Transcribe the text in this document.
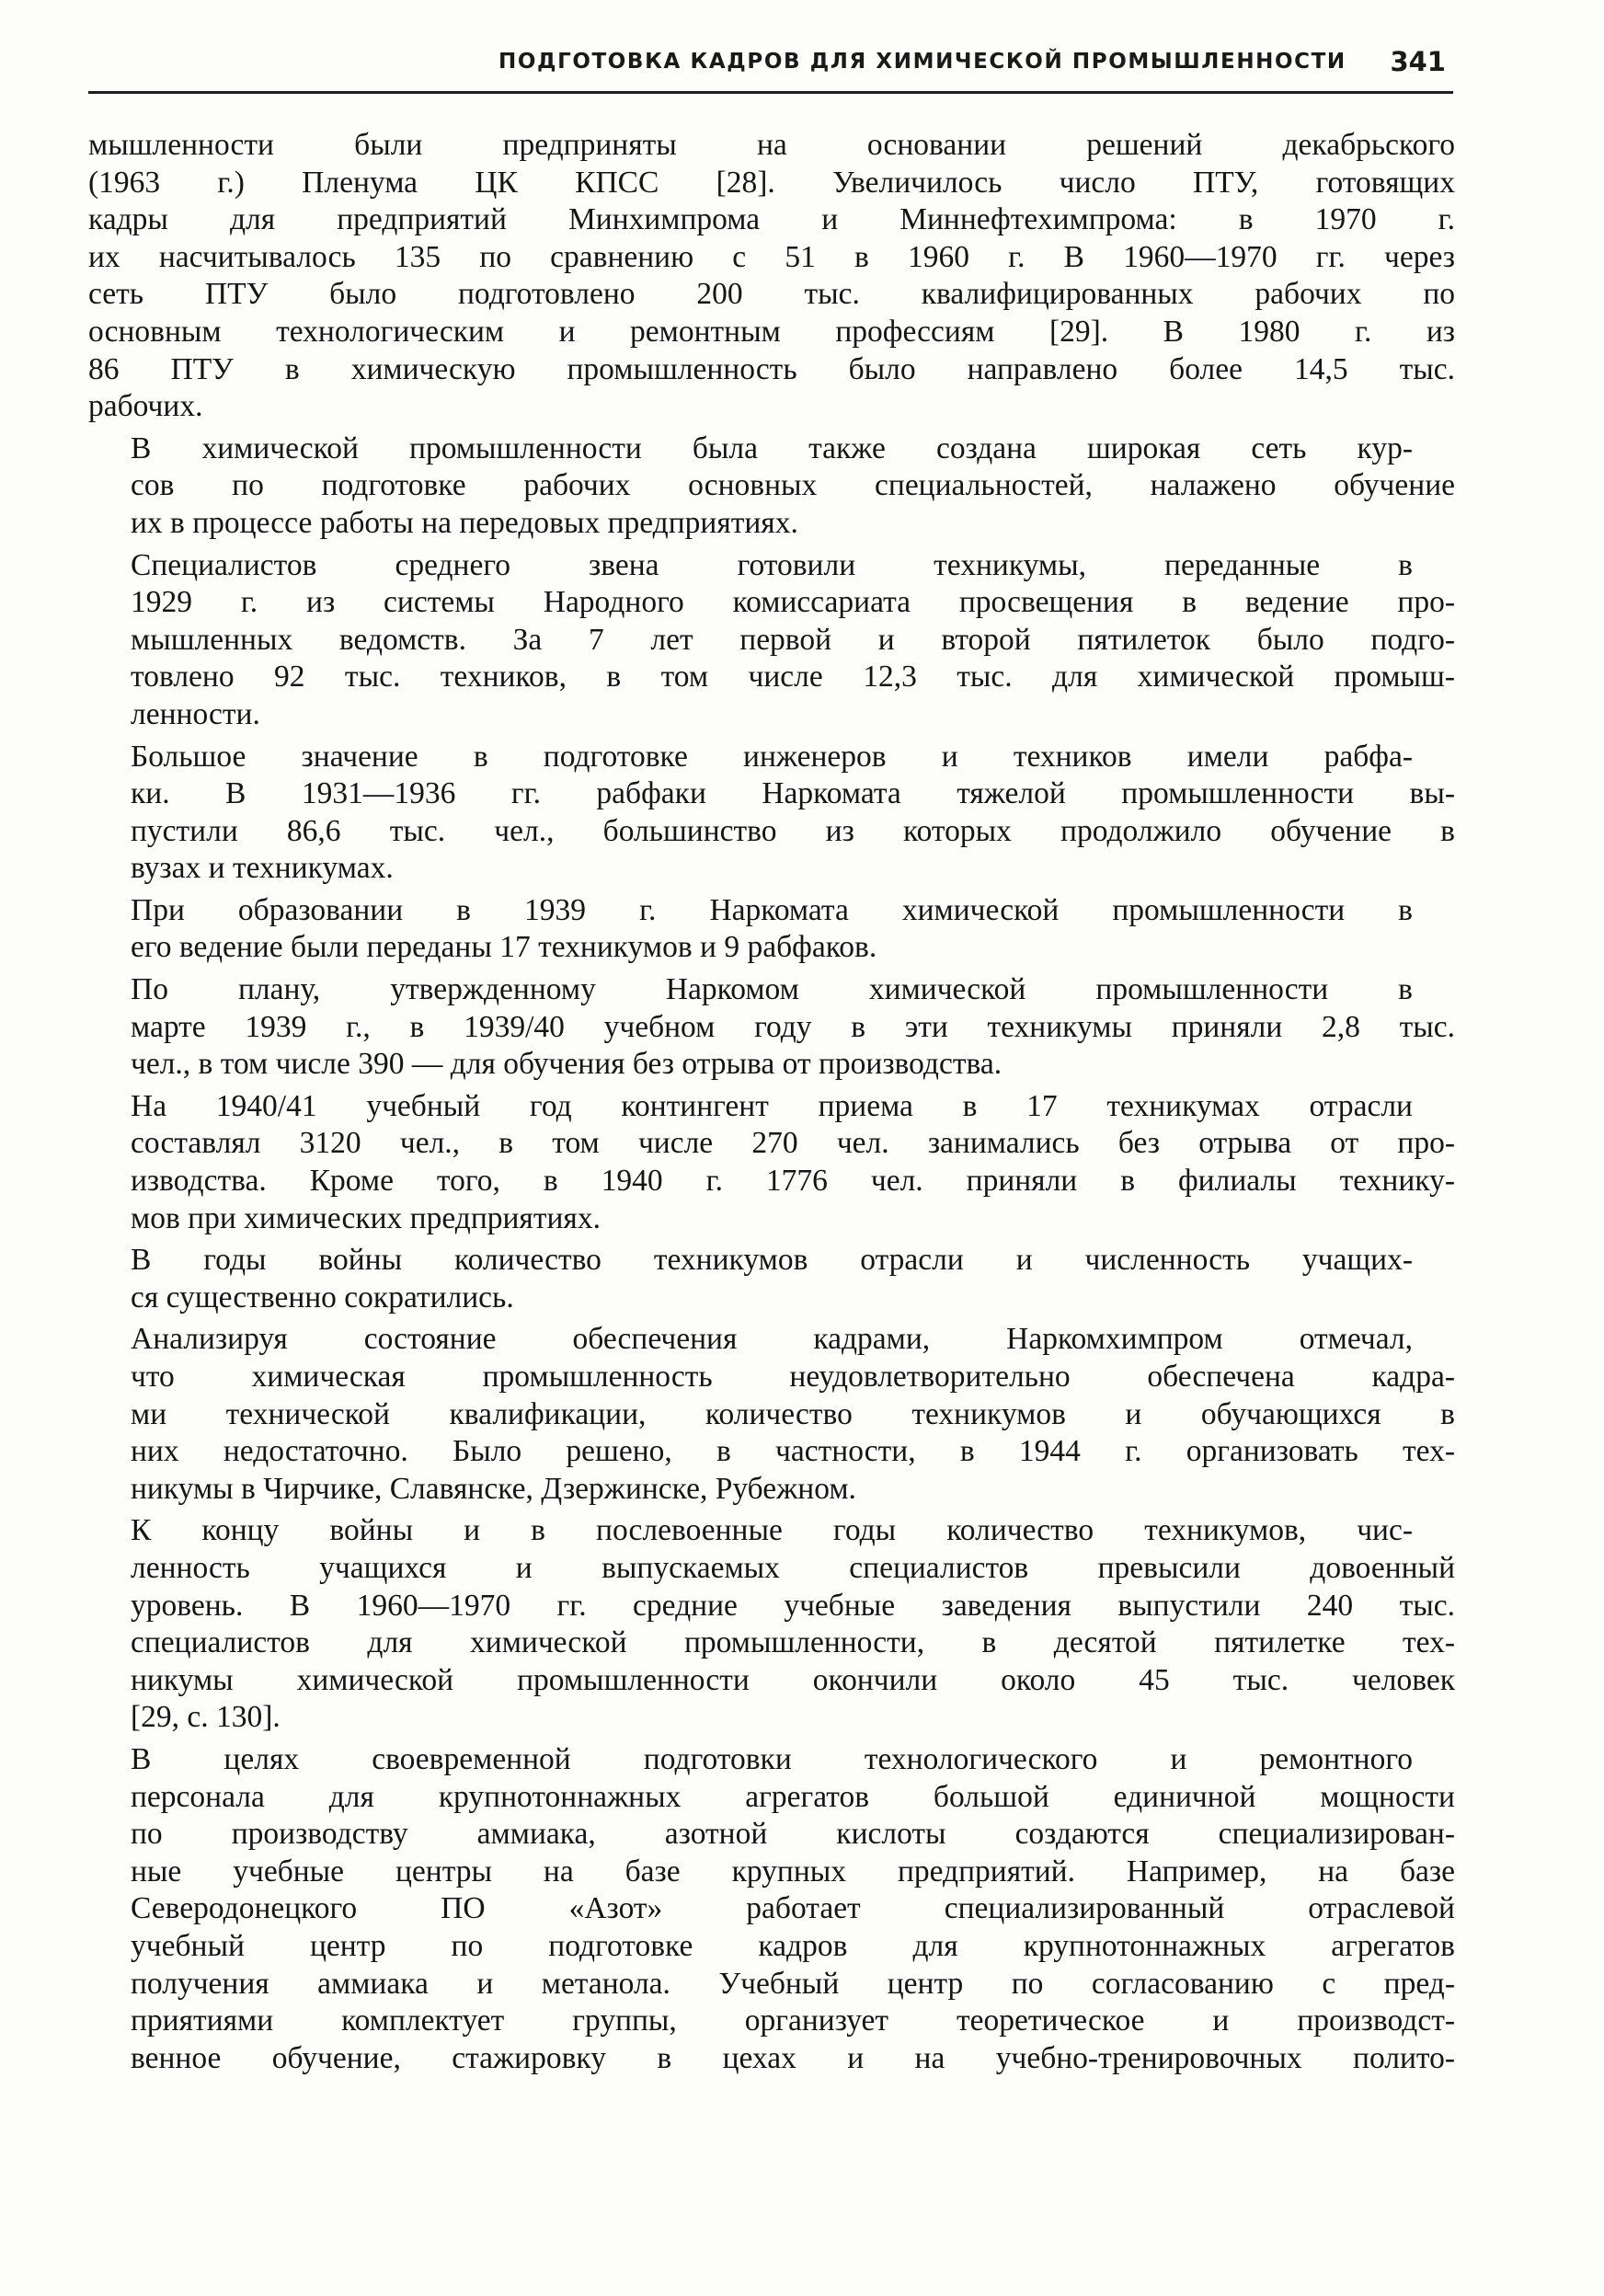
ПОДГОТОВКА КАДРОВ ДЛЯ ХИМИЧЕСКОЙ ПРОМЫШЛЕННОСТИ 341

мышленности были предприняты на основании решений декабрьского
(1963 г.) Пленума ЦК КПСС [28]. Увеличилось число ПТУ, готовящих
кадры для предприятий Минхимпрома и Миннефтехимпрома: в 1970 г.
их насчитывалось 135 по сравнению с 51 в 1960 г. В 1960—1970 гг. через
сеть ПТУ было подготовлено 200 тыс. квалифицированных рабочих по
основным технологическим и ремонтным профессиям [29]. В 1980 г. из
86 ПТУ в химическую промышленность было направлено более 14,5 тыс.
рабочих.

В химической промышленности была также создана широкая сеть кур-
сов по подготовке рабочих основных специальностей, налажено обучение
их в процессе работы на передовых предприятиях.

Специалистов среднего звена готовили техникумы, переданные в
1929 г. из системы Народного комиссариата просвещения в ведение про-
мышленных ведомств. За 7 лет первой и второй пятилеток было подго-
товлено 92 тыс. техников, в том числе 12,3 тыс. для химической промыш-
ленности.

Большое значение в подготовке инженеров и техников имели рабфа-
ки. В 1931—1936 гг. рабфаки Наркомата тяжелой промышленности вы-
пустили 86,6 тыс. чел., большинство из которых продолжило обучение в
вузах и техникумах.

При образовании в 1939 г. Наркомата химической промышленности в
его ведение были переданы 17 техникумов и 9 рабфаков.

По плану, утвержденному Наркомом химической промышленности в
марте 1939 г., в 1939/40 учебном году в эти техникумы приняли 2,8 тыс.
чел., в том числе 390 — для обучения без отрыва от производства.

На 1940/41 учебный год контингент приема в 17 техникумах отрасли
составлял 3120 чел., в том числе 270 чел. занимались без отрыва от про-
изводства. Кроме того, в 1940 г. 1776 чел. приняли в филиалы технику-
мов при химических предприятиях.

В годы войны количество техникумов отрасли и численность учащих-
ся существенно сократились.

Анализируя состояние обеспечения кадрами, Наркомхимпром отмечал,
что химическая промышленность неудовлетворительно обеспечена кадра-
ми технической квалификации, количество техникумов и обучающихся в
них недостаточно. Было решено, в частности, в 1944 г. организовать тех-
никумы в Чирчике, Славянске, Дзержинске, Рубежном.

К концу войны и в послевоенные годы количество техникумов, чис-
ленность учащихся и выпускаемых специалистов превысили довоенный
уровень. В 1960—1970 гг. средние учебные заведения выпустили 240 тыс.
специалистов для химической промышленности, в десятой пятилетке тех-
никумы химической промышленности окончили около 45 тыс. человек
[29, с. 130].

В целях своевременной подготовки технологического и ремонтного
персонала для крупнотоннажных агрегатов большой единичной мощности
по производству аммиака, азотной кислоты создаются специализирован-
ные учебные центры на базе крупных предприятий. Например, на базе
Северодонецкого ПО «Азот» работает специализированный отраслевой
учебный центр по подготовке кадров для крупнотоннажных агрегатов
получения аммиака и метанола. Учебный центр по согласованию с пред-
приятиями комплектует группы, организует теоретическое и производст-
венное обучение, стажировку в цехах и на учебно-тренировочных полито-
